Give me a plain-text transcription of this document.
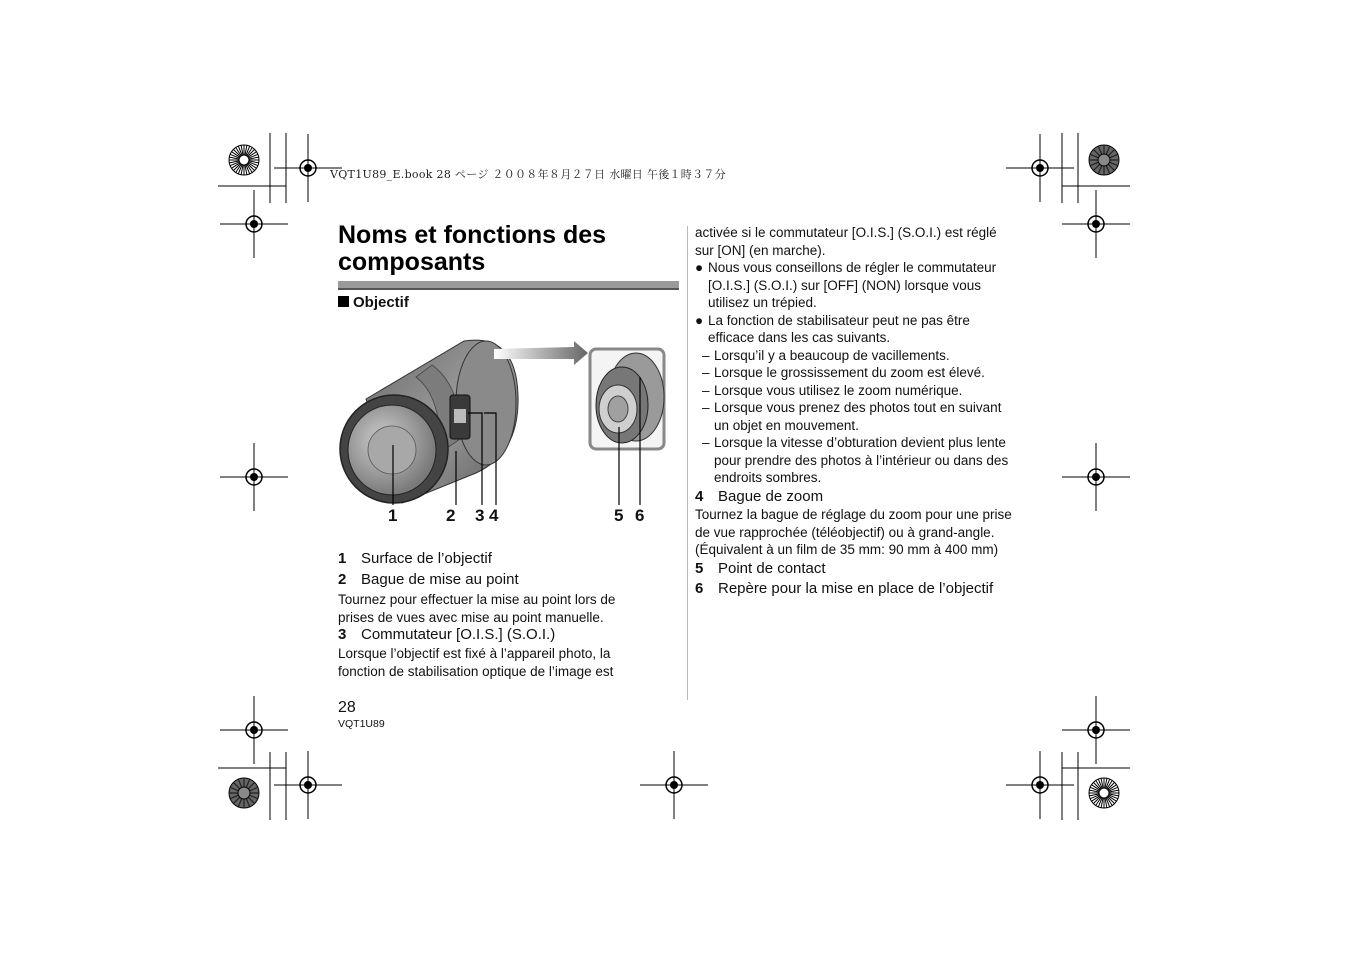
VQT1U89_E.book 28 ページ ２００８年８月２７日 水曜日 午後１時３７分
Noms et fonctions des
composants
Objectif
1	2 3 4	5 6
1 Surface de l’objectif
2 Bague de mise au point
Tournez pour effectuer la mise au point lors de
prises de vues avec mise au point manuelle.
3 Commutateur [O.I.S.] (S.O.I.)
Lorsque l’objectif est fixé à l’appareil photo, la
fonction de stabilisation optique de l’image est
activée si le commutateur [O.I.S.] (S.O.I.) est réglé
sur [ON] (en marche).
● Nous vous conseillons de régler le commutateur
[O.I.S.] (S.O.I.) sur [OFF] (NON) lorsque vous
utilisez un trépied.
● La fonction de stabilisateur peut ne pas être
efficace dans les cas suivants.
– Lorsqu’il y a beaucoup de vacillements.
– Lorsque le grossissement du zoom est élevé.
– Lorsque vous utilisez le zoom numérique.
– Lorsque vous prenez des photos tout en suivant
un objet en mouvement.
– Lorsque la vitesse d’obturation devient plus lente
pour prendre des photos à l’intérieur ou dans des
endroits sombres.
4 Bague de zoom
Tournez la bague de réglage du zoom pour une prise
de vue rapprochée (téléobjectif) ou à grand-angle.
(Équivalent à un film de 35 mm: 90 mm à 400 mm)
5 Point de contact
6 Repère pour la mise en place de l’objectif
28
VQT1U89
